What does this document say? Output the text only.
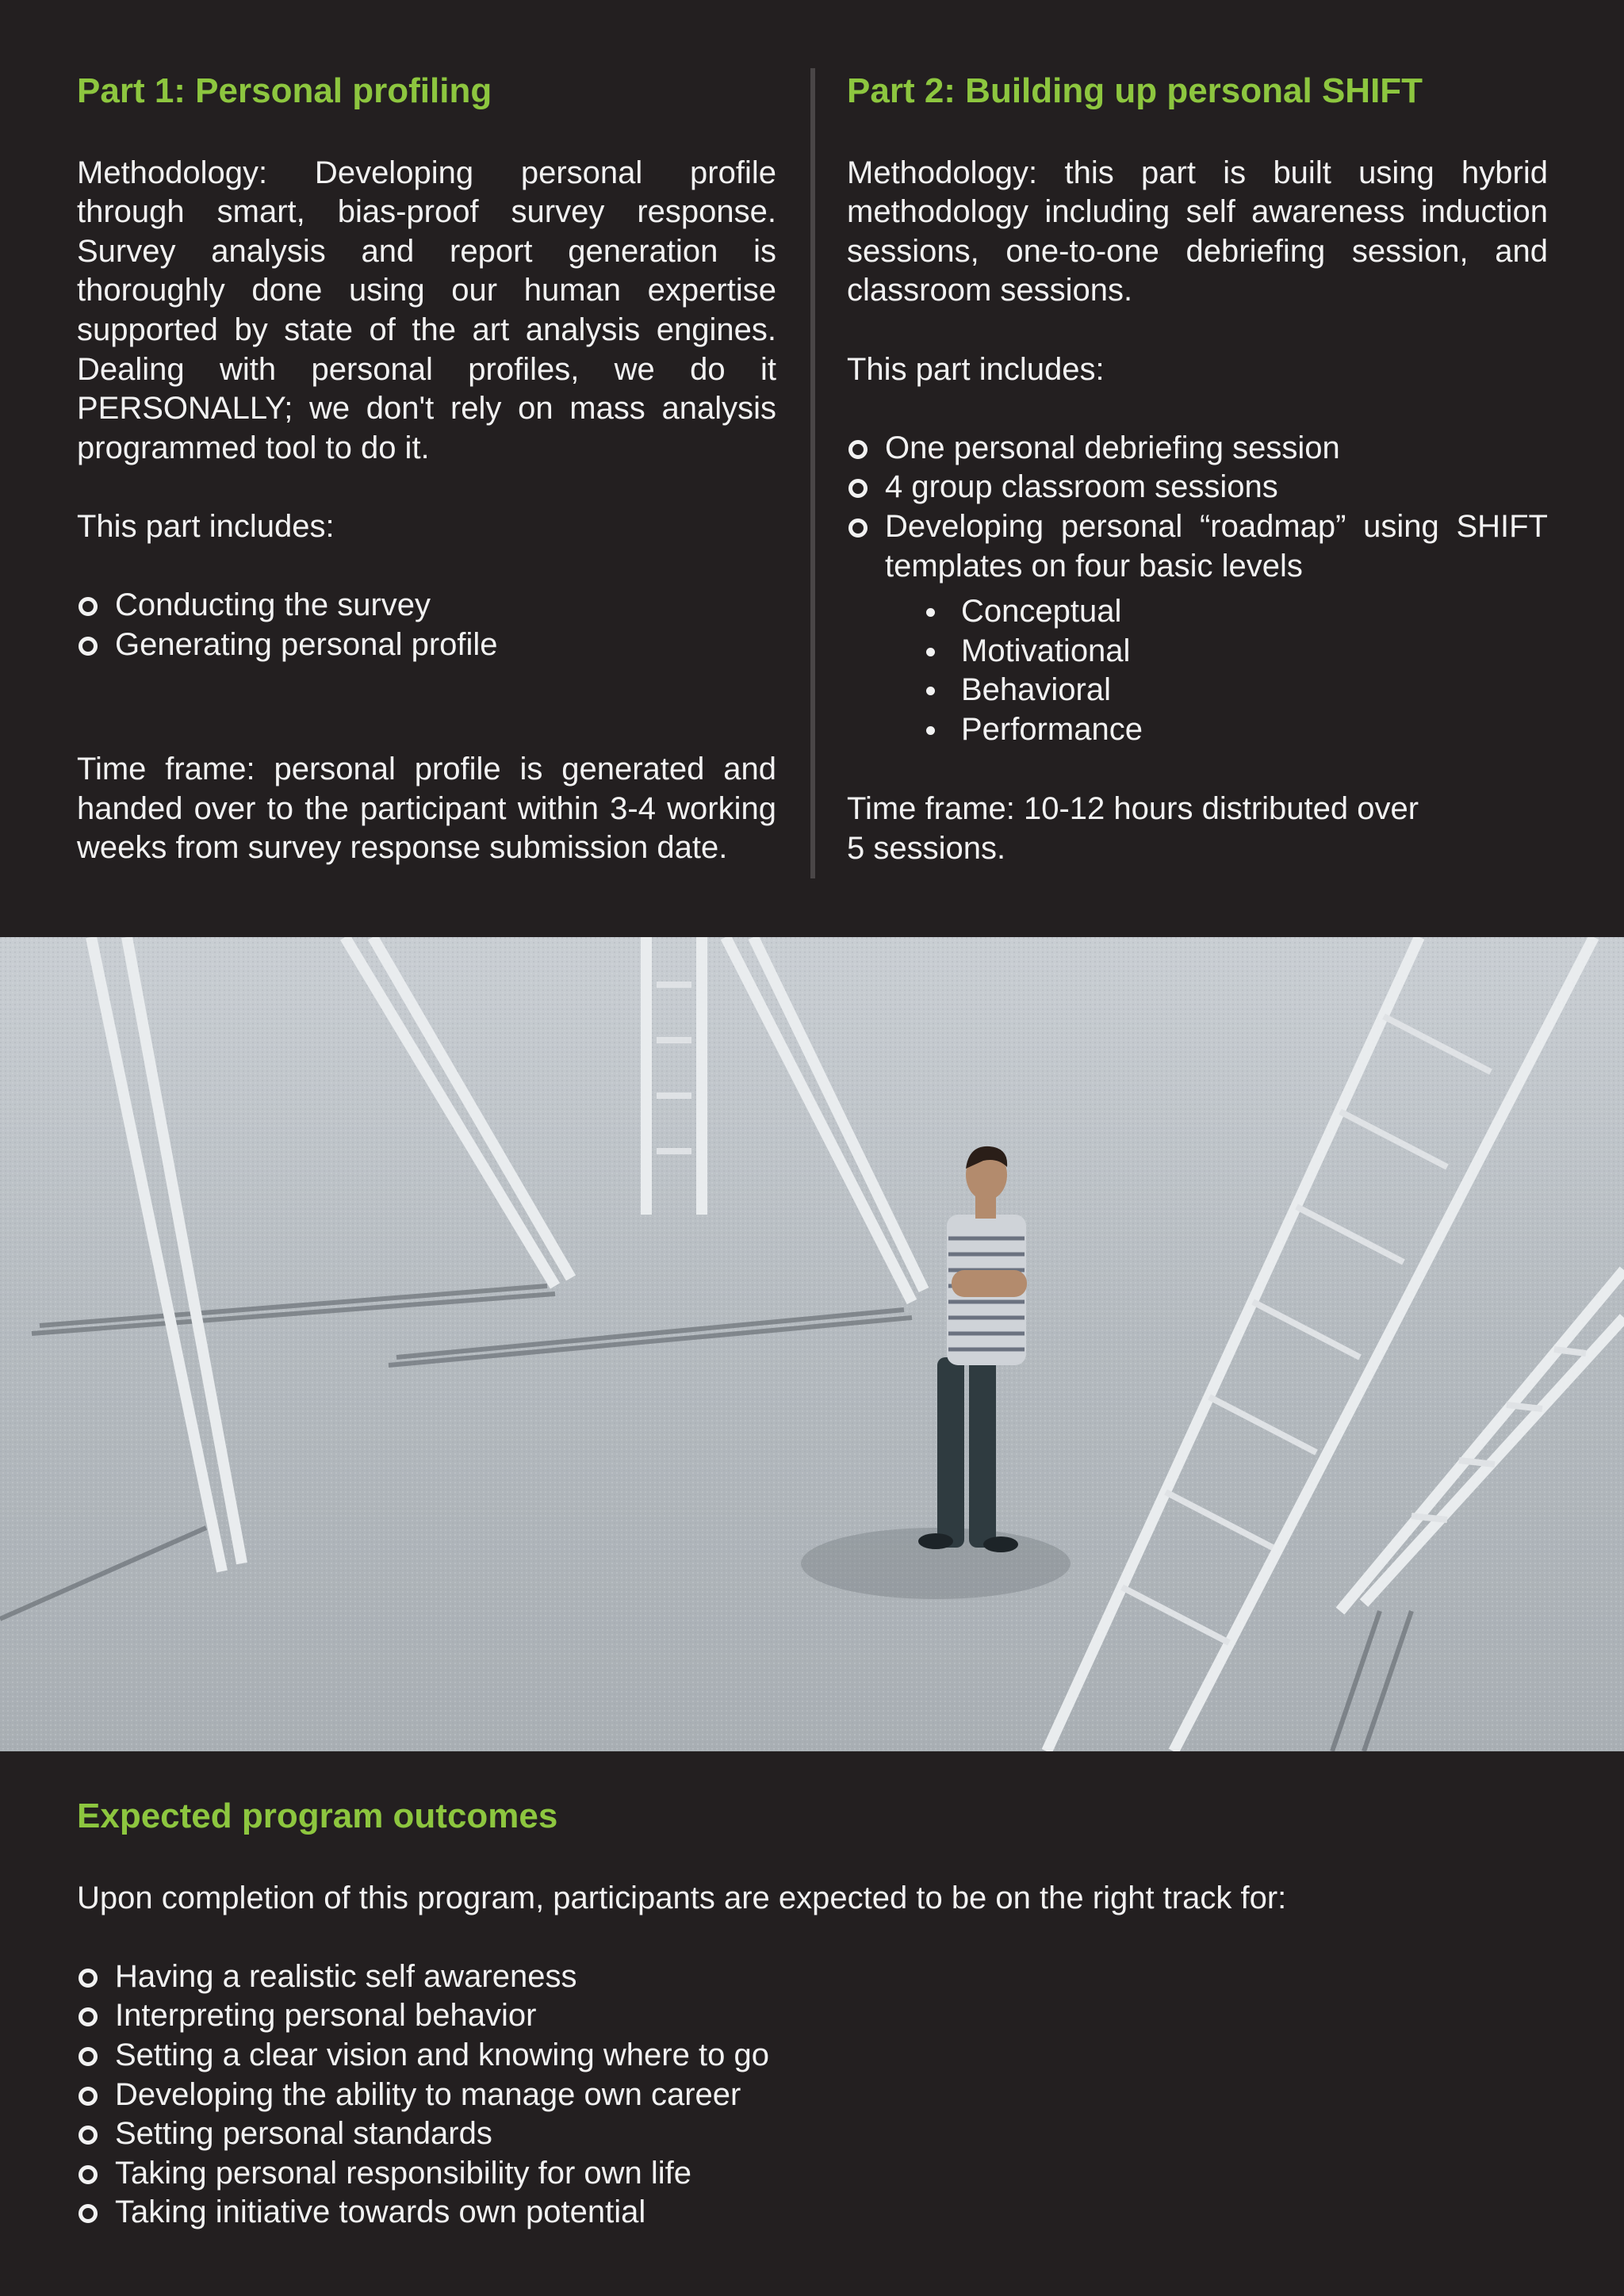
Part 1: Personal profiling

Methodology: Developing personal profile through smart, bias-proof survey response. Survey analysis and report generation is thoroughly done using our human expertise supported by state of the art analysis engines. Dealing with personal profiles, we do it PERSONALLY; we don't rely on mass analysis programmed tool to do it.

This part includes:

Conducting the survey
Generating personal profile

Time frame: personal profile is generated and handed over to the participant within 3-4 working weeks from survey response submission date.

Part 2: Building up personal SHIFT

Methodology: this part is built using hybrid methodology including self awareness induction sessions, one-to-one debriefing session, and classroom sessions.

This part includes:

One personal debriefing session
4 group classroom sessions
Developing personal “roadmap” using SHIFT templates on four basic levels
Conceptual
Motivational
Behavioral
Performance

Time frame: 10-12 hours distributed over

5 sessions.

Expected program outcomes

Upon completion of this program, participants are expected to be on the right track for:

Having a realistic self awareness
Interpreting personal behavior
Setting a clear vision and knowing where to go
Developing the ability to manage own career
Setting personal standards
Taking personal responsibility for own life
Taking initiative towards own potential
